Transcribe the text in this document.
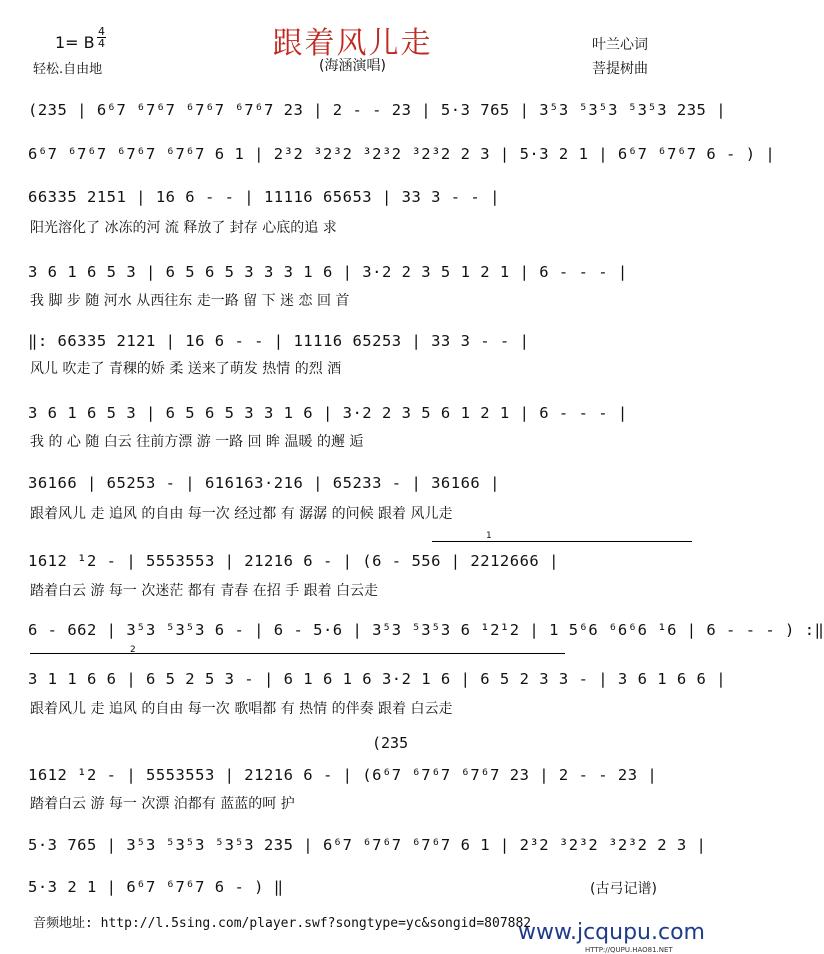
1= B
4
4	跟着风儿走
(海涵演唱)
轻松.自由地
叶兰心词
菩提树曲
(235 | 6⁶7 ⁶7⁶7 ⁶7⁶7 ⁶7⁶7 23 | 2 - - 23 | 5·3 765 | 3⁵3 ⁵3⁵3 ⁵3⁵3 235 |
6⁶7 ⁶7⁶7 ⁶7⁶7 ⁶7⁶7 6 1 | 2³2 ³2³2 ³2³2 ³2³2 2 3 | 5·3 2 1 | 6⁶7 ⁶7⁶7 6 - ) |
66335 2151 | 16 6 - - | 11116 65653 | 33 3 - - |
阳光溶化了 冰冻的河 流 释放了 封存 心底的追 求
3 6 1 6 5 3 | 6 5 6 5 3 3 3 1 6 | 3·2 2 3 5 1 2 1 | 6 - - - |
我 脚 步 随 河水 从西往东 走一路 留 下 迷 恋 回 首
‖: 66335 2121 | 16 6 - - | 11116 65253 | 33 3 - - |
风儿 吹走了 青稞的娇 柔 送来了萌发 热情 的烈 酒
3 6 1 6 5 3 | 6 5 6 5 3 3 1 6 | 3·2 2 3 5 6 1 2 1 | 6 - - - |
我 的 心 随 白云 往前方漂 游 一路 回 眸 温暖 的邂 逅
36166 | 65253 - | 616163·216 | 65233 - | 36166 |
跟着风儿 走 追风 的自由 每一次 经过都 有 潺潺 的问候 跟着 风儿走
1612 ¹2 - | 5553553 | 21216 6 - | (6 - 556 | 2212666 |
踏着白云 游 每一 次迷茫 都有 青春 在招 手 跟着 白云走
1
6 - 662 | 3⁵3 ⁵3⁵3 6 - | 6 - 5·6 | 3⁵3 ⁵3⁵3 6 ¹2¹2 | 1 5⁶6 ⁶6⁶6 ¹6 | 6 - - - ) :‖
2
3 1 1 6 6 | 6 5 2 5 3 - | 6 1 6 1 6 3·2 1 6 | 6 5 2 3 3 - | 3 6 1 6 6 |
跟着风儿 走 追风 的自由 每一次 歌唱都 有 热情 的伴奏 跟着 白云走
(235
1612 ¹2 - | 5553553 | 21216 6 - | (6⁶7 ⁶7⁶7 ⁶7⁶7 23 | 2 - - 23 |
踏着白云 游 每一 次漂 泊都有 蓝蓝的呵 护
5·3 765 | 3⁵3 ⁵3⁵3 ⁵3⁵3 235 | 6⁶7 ⁶7⁶7 ⁶7⁶7 6 1 | 2³2 ³2³2 ³2³2 2 3 |
5·3 2 1 | 6⁶7 ⁶7⁶7 6 - ) ‖	(古弓记谱)
音频地址: http://l.5sing.com/player.swf?songtype=yc&songid=807882
www.jcqupu.com
HTTP://QUPU.HAO81.NET
